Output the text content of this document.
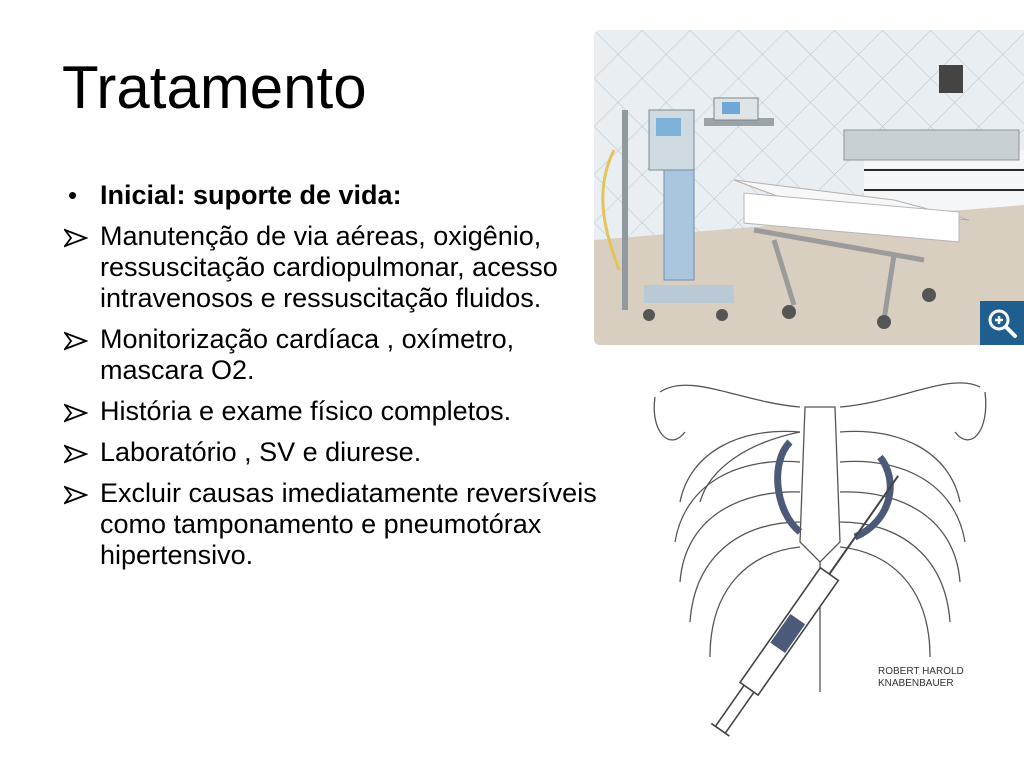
Tratamento
• Inicial: suporte de vida:
Manutenção de via aéreas, oxigênio, ressuscitação cardiopulmonar, acesso intravenosos e ressuscitação fluidos.
Monitorização cardíaca , oxímetro, mascara O2.
História e exame físico completos.
Laboratório , SV e diurese.
Excluir causas imediatamente reversíveis como tamponamento e pneumotórax hipertensivo.
ROBERT HAROLD
KNABENBAUER
